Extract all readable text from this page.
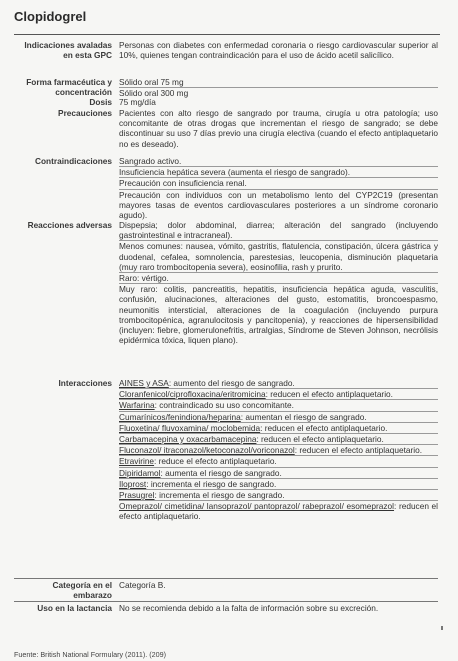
Clopidogrel
Indicaciones avaladas en esta GPC
Personas con diabetes con enfermedad coronaria o riesgo cardiovascular superior al 10%, quienes tengan contraindicación para el uso de ácido acetil salicílico.
Forma farmacéutica y concentración
Sólido oral 75 mg
Sólido oral 300 mg
Dosis 75 mg/día
Precauciones Pacientes con alto riesgo de sangrado por trauma, cirugía u otra patología; uso concomitante de otras drogas que incrementan el riesgo de sangrado; se debe discontinuar su uso 7 días previo una cirugía electiva (cuando el efecto antiplaquetario no es deseado).
Contraindicaciones Sangrado activo.
Insuficiencia hepática severa (aumenta el riesgo de sangrado).
Precaución con insuficiencia renal.
Precaución con individuos con un metabolismo lento del CYP2C19 (presentan mayores tasas de eventos cardiovasculares posteriores a un síndrome coronario agudo).
Reacciones adversas Dispepsia; dolor abdominal, diarrea; alteración del sangrado (incluyendo gastrointestinal e intracraneal).
Menos comunes: nausea, vómito, gastritis, flatulencia, constipación, úlcera gástrica y duodenal, cefalea, somnolencia, parestesias, leucopenia, disminución plaquetaria (muy raro trombocitopenia severa), eosinofilia, rash y prurito.
Raro: vértigo.
Muy raro: colitis, pancreatitis, hepatitis, insuficiencia hepática aguda, vasculitis, confusión, alucinaciones, alteraciones del gusto, estomatitis, broncoespasmo, neumonitis intersticial, alteraciones de la coagulación (incluyendo purpura trombocitopénica, agranulocitosis y pancitopenia), y reacciones de hipersensibilidad (incluyen: fiebre, glomerulonefritis, artralgias, Síndrome de Steven Johnson, necrólisis epidérmica tóxica, liquen plano).
Interacciones AINES y ASA: aumento del riesgo de sangrado.
Cloranfenicol/ciprofloxacina/eritromicina: reducen el efecto antiplaquetario.
Warfarina: contraindicado su uso concomitante.
Cumarínicos/fenindiona/heparina: aumentan el riesgo de sangrado.
Fluoxetina/ fluvoxamina/ moclobemida: reducen el efecto antiplaquetario.
Carbamacepina y oxacarbamacepina: reducen el efecto antiplaquetario.
Fluconazol/ itraconazol/ketoconazol/voriconazol: reducen el efecto antiplaquetario.
Etravirine: reduce el efecto antiplaquetario.
Dipiridamol: aumenta el riesgo de sangrado.
Iloprost: incrementa el riesgo de sangrado.
Prasugrel: incrementa el riesgo de sangrado.
Omeprazol/ cimetidina/ lansoprazol/ pantoprazol/ rabeprazol/ esomeprazol: reducen el efecto antiplaquetario.
Categoría en el embarazo
Categoría B.
Uso en la lactancia No se recomienda debido a la falta de información sobre su excreción.
Fuente: British National Formulary (2011). (209)
